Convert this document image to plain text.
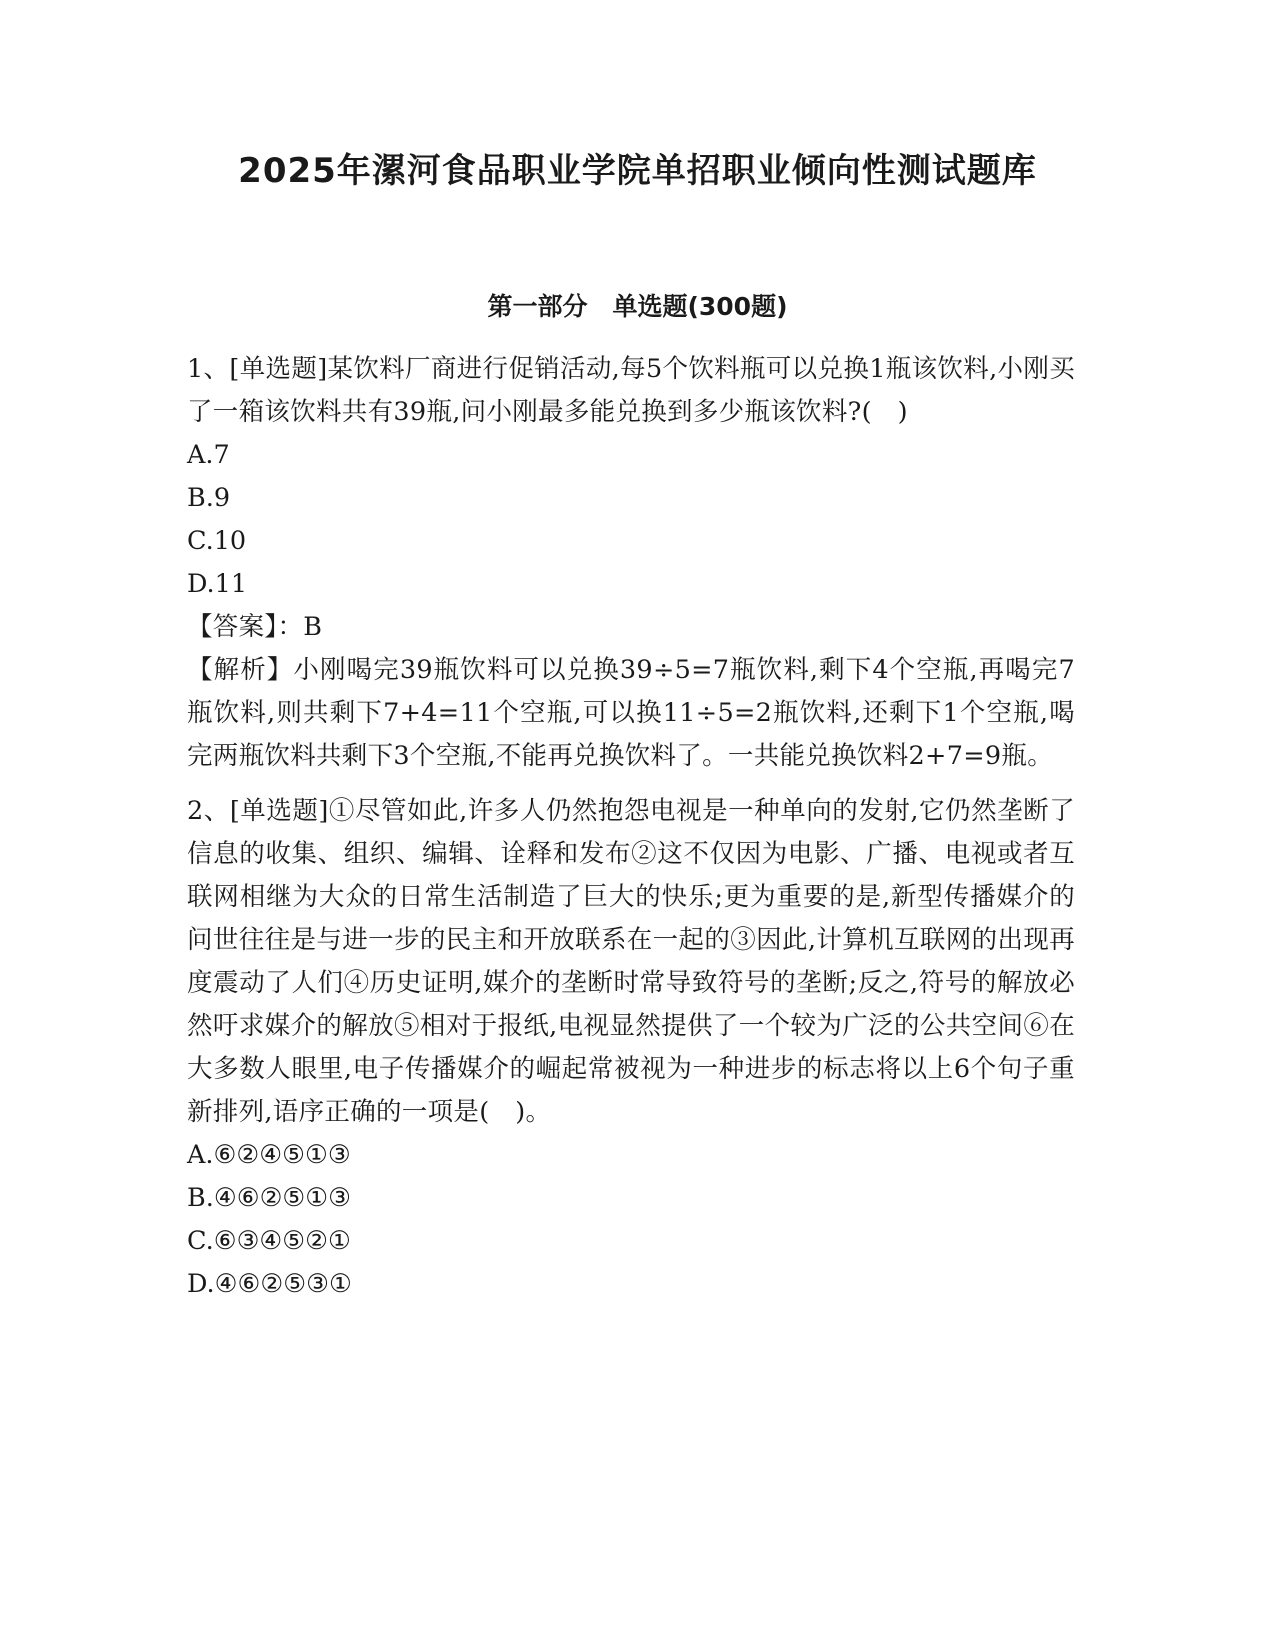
2025年漯河食品职业学院单招职业倾向性测试题库
第一部分　单选题(300题)

1、[单选题]某饮料厂商进行促销活动,每5个饮料瓶可以兑换1瓶该饮料,小刚买了一箱该饮料共有39瓶,问小刚最多能兑换到多少瓶该饮料?(　)

A.7
B.9
C.10
D.11

【答案】：B

【解析】小刚喝完39瓶饮料可以兑换39÷5=7瓶饮料,剩下4个空瓶,再喝完7瓶饮料,则共剩下7+4=11个空瓶,可以换11÷5=2瓶饮料,还剩下1个空瓶,喝完两瓶饮料共剩下3个空瓶,不能再兑换饮料了。一共能兑换饮料2+7=9瓶。

2、[单选题]①尽管如此,许多人仍然抱怨电视是一种单向的发射,它仍然垄断了信息的收集、组织、编辑、诠释和发布②这不仅因为电影、广播、电视或者互联网相继为大众的日常生活制造了巨大的快乐;更为重要的是,新型传播媒介的问世往往是与进一步的民主和开放联系在一起的③因此,计算机互联网的出现再度震动了人们④历史证明,媒介的垄断时常导致符号的垄断;反之,符号的解放必然吁求媒介的解放⑤相对于报纸,电视显然提供了一个较为广泛的公共空间⑥在大多数人眼里,电子传播媒介的崛起常被视为一种进步的标志将以上6个句子重新排列,语序正确的一项是(　)。

A.⑥②④⑤①③
B.④⑥②⑤①③
C.⑥③④⑤②①
D.④⑥②⑤③①
